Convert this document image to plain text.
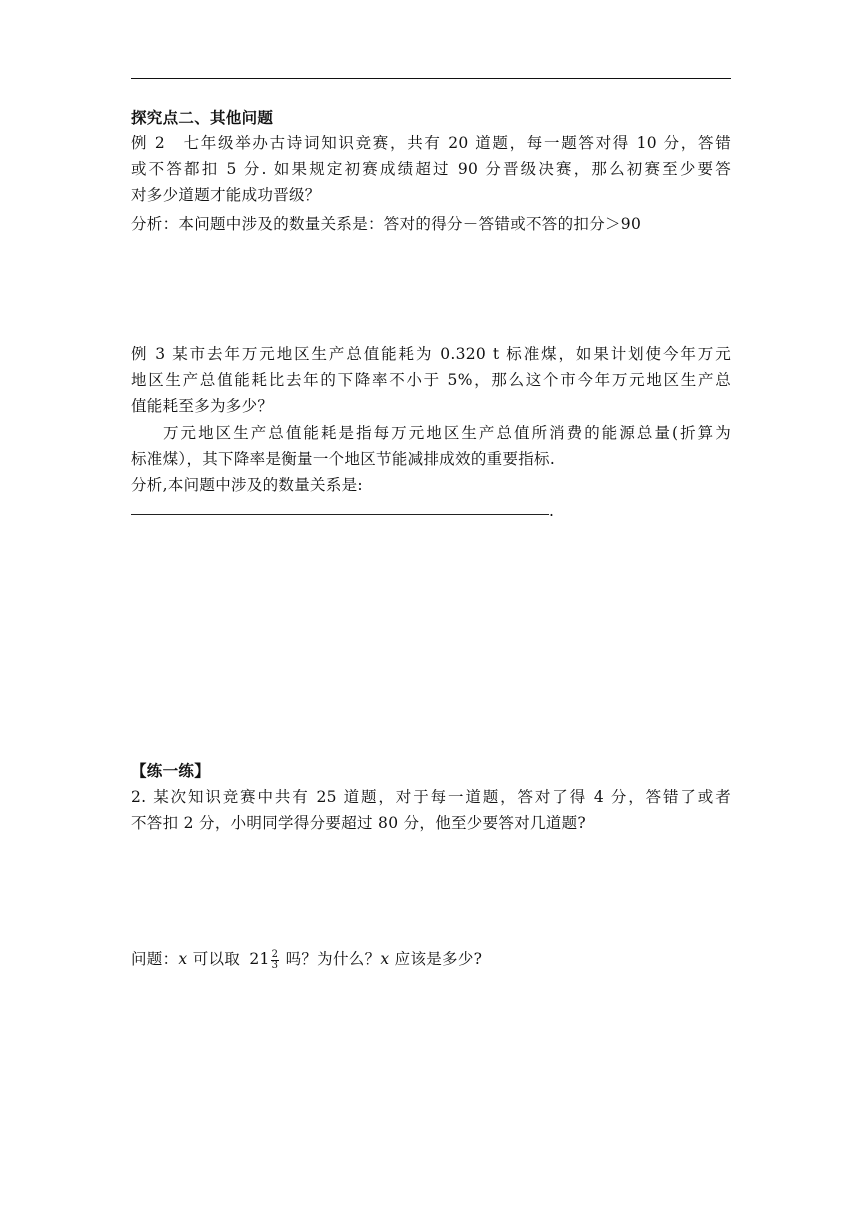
探究点二、其他问题
例 2　七年级举办古诗词知识竞赛，共有 20 道题，每一题答对得 10 分，答错
或不答都扣 5 分. 如果规定初赛成绩超过 90 分晋级决赛，那么初赛至少要答
对多少道题才能成功晋级？
分析：本问题中涉及的数量关系是：答对的得分－答错或不答的扣分＞90
例 3 某市去年万元地区生产总值能耗为 0.320 t 标准煤，如果计划使今年万元
地区生产总值能耗比去年的下降率不小于 5%，那么这个市今年万元地区生产总
值能耗至多为多少？
万元地区生产总值能耗是指每万元地区生产总值所消费的能源总量(折算为
标准煤），其下降率是衡量一个地区节能减排成效的重要指标.
分析,本问题中涉及的数量关系是:
.
【练一练】
2. 某次知识竞赛中共有 25 道题，对于每一道题，答对了得 4 分，答错了或者
不答扣 2 分，小明同学得分要超过 80 分，他至少要答对几道题?
问题：x 可以取 $21 \frac{2}{3}$ 吗？为什么？x 应该是多少?
